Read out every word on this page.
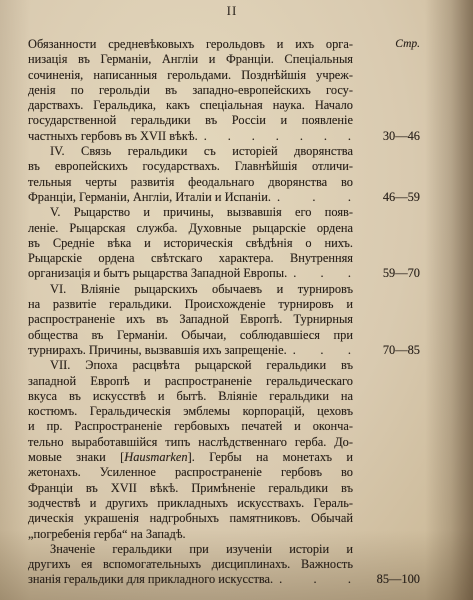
II
Обязанности средневѣковыхъ герольдовъ и ихъ орга-	Стр.
низація въ Германіи, Англіи и Франціи. Спеціальныя
сочиненія, написанныя герольдами. Позднѣйшія учреж-
денія по герольдіи въ западно-европейскихъ госу-
дарствахъ. Геральдика, какъ спеціальная наука. Начало
государственной геральдики въ Россіи и появленіе
частныхъ гербовъ въ XVII вѣкѣ. . . . . . . .	30—46
IV. Связь геральдики съ исторіей дворянства
въ европейскихъ государствахъ. Главнѣйшія отличи-
тельныя черты развитія феодальнаго дворянства во
Франціи, Германіи, Англіи, Италіи и Испаніи. . . .	46—59
V. Рыцарство и причины, вызвавшія его появ-
леніе. Рыцарская служба. Духовные рыцарскіе ордена
въ Средніе вѣка и историческія свѣдѣнія о нихъ.
Рыцарскіе ордена свѣтскаго характера. Внутренняя
организація и бытъ рыцарства Западной Европы. . . .	59—70
VI. Вліяніе рыцарскихъ обычаевъ и турнировъ
на развитіе геральдики. Происхожденіе турнировъ и
распространеніе ихъ въ Западной Европѣ. Турнирныя
общества въ Германіи. Обычаи, соблюдавшіеся при
турнирахъ. Причины, вызвавшія ихъ запрещеніе. . . .	70—85
VII. Эпоха расцвѣта рыцарской геральдики въ
западной Европѣ и распространеніе геральдическаго
вкуса въ искусствѣ и бытѣ. Вліяніе геральдики на
костюмъ. Геральдическія эмблемы корпорацій, цеховъ
и пр. Распространеніе гербовыхъ печатей и оконча-
тельно выработавшійся типъ наслѣдственнаго герба. До-
мовые знаки [Hausmarken]. Гербы на монетахъ и
жетонахъ. Усиленное распространеніе гербовъ во
Франціи въ XVII вѣкѣ. Примѣненіе геральдики въ
зодчествѣ и другихъ прикладныхъ искусствахъ. Гераль-
дическія украшенія надгробныхъ памятниковъ. Обычай
„погребенія герба“ на Западѣ.
Значеніе геральдики при изученіи исторіи и
другихъ ея вспомогательныхъ дисциплинахъ. Важность
знанія геральдики для прикладного искусства. . . .	85—100
